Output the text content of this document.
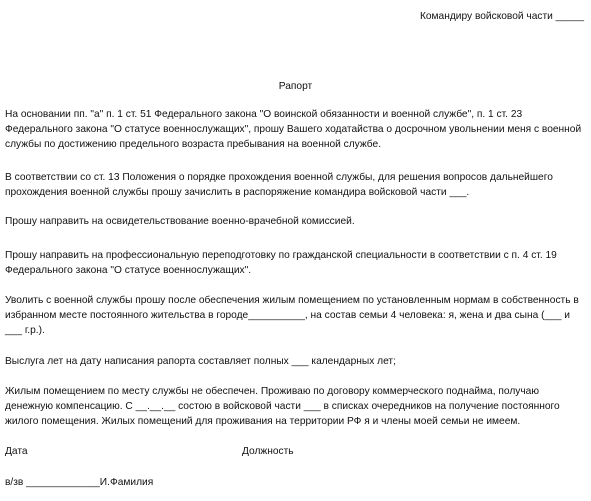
Командиру войсковой части _____
Рапорт

На основании пп. "а" п. 1 ст. 51 Федерального закона "О воинской обязанности и военной службе", п. 1 ст. 23 Федерального закона "О статусе военнослужащих", прошу Вашего ходатайства о досрочном увольнении меня с военной службы по достижению предельного возраста пребывания на военной службе.

В соответствии со ст. 13 Положения о порядке прохождения военной службы, для решения вопросов дальнейшего прохождения военной службы прошу зачислить в распоряжение командира войсковой части ___.

Прошу направить на освидетельствование военно-врачебной комиссией.

Прошу направить на профессиональную переподготовку по гражданской специальности в соответствии с п. 4 ст. 19 Федерального закона "О статусе военнослужащих".

Уволить с военной службы прошу после обеспечения жилым помещением по установленным нормам в собственность в избранном месте постоянного жительства в городе__________, на состав семьи 4 человека: я, жена и два сына (___ и ___ г.р.).

Выслуга лет на дату написания рапорта составляет полных ___ календарных лет;

Жилым помещением по месту службы не обеспечен. Проживаю по договору коммерческого поднайма, получаю денежную компенсацию. С __.__.__ состою в войсковой части ___ в списках очередников на получение постоянного жилого помещения. Жилых помещений для проживания на территории РФ я и члены моей семьи не имеем.

Дата	Должность
в/зв _____________И.Фамилия
